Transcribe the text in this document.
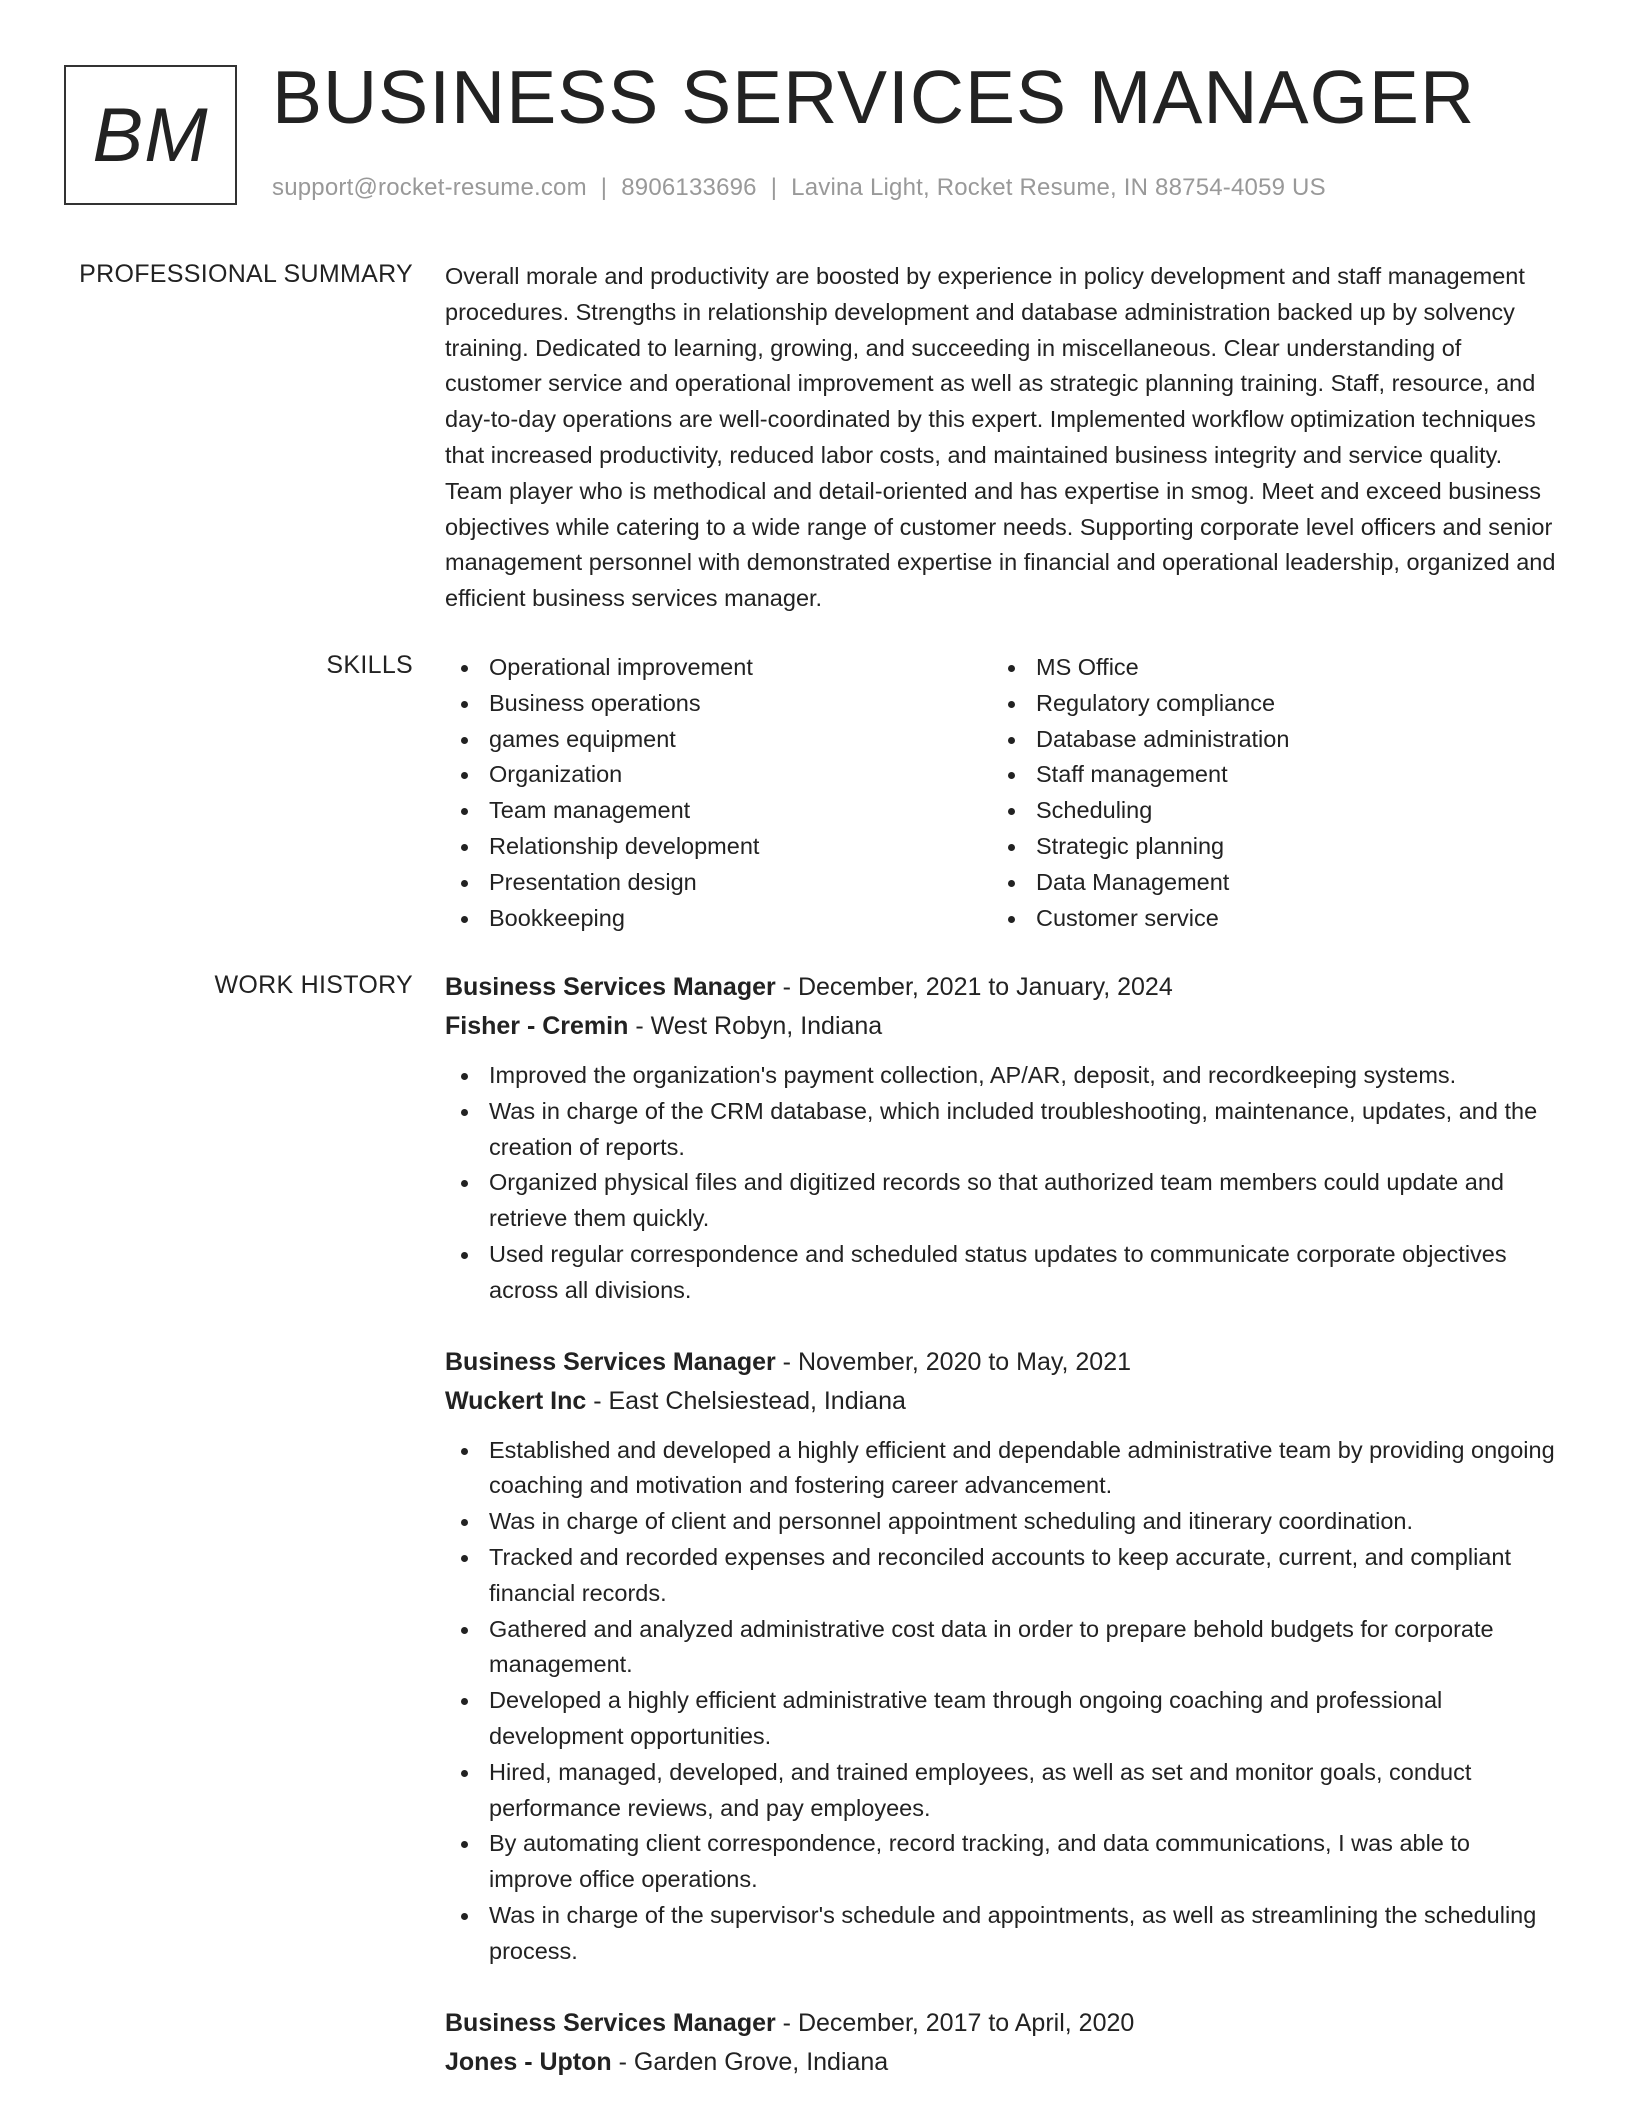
BM BUSINESS SERVICES MANAGER
support@rocket-resume.com | 8906133696 | Lavina Light, Rocket Resume, IN 88754-4059 US
PROFESSIONAL SUMMARY Overall morale and productivity are boosted by experience in policy development and staff management procedures. Strengths in relationship development and database administration backed up by solvency training. Dedicated to learning, growing, and succeeding in miscellaneous. Clear understanding of customer service and operational improvement as well as strategic planning training. Staff, resource, and day-to-day operations are well-coordinated by this expert. Implemented workflow optimization techniques that increased productivity, reduced labor costs, and maintained business integrity and service quality. Team player who is methodical and detail-oriented and has expertise in smog. Meet and exceed business objectives while catering to a wide range of customer needs. Supporting corporate level officers and senior management personnel with demonstrated expertise in financial and operational leadership, organized and efficient business services manager.

SKILLS	Operational improvement
Business operations
games equipment
Organization
Team management
Relationship development
Presentation design
Bookkeeping
MS Office
Regulatory compliance
Database administration
Staff management
Scheduling
Strategic planning
Data Management
Customer service
WORK HISTORY Business Services Manager - December, 2021 to January, 2024
Fisher - Cremin - West Robyn, Indiana
Improved the organization's payment collection, AP/AR, deposit, and recordkeeping systems.
Was in charge of the CRM database, which included troubleshooting, maintenance, updates, and the creation of reports.
Organized physical files and digitized records so that authorized team members could update and retrieve them quickly.
Used regular correspondence and scheduled status updates to communicate corporate objectives across all divisions.
Business Services Manager - November, 2020 to May, 2021
Wuckert Inc - East Chelsiestead, Indiana
Established and developed a highly efficient and dependable administrative team by providing ongoing coaching and motivation and fostering career advancement.
Was in charge of client and personnel appointment scheduling and itinerary coordination.
Tracked and recorded expenses and reconciled accounts to keep accurate, current, and compliant financial records.
Gathered and analyzed administrative cost data in order to prepare behold budgets for corporate management.
Developed a highly efficient administrative team through ongoing coaching and professional development opportunities.
Hired, managed, developed, and trained employees, as well as set and monitor goals, conduct performance reviews, and pay employees.
By automating client correspondence, record tracking, and data communications, I was able to improve office operations.
Was in charge of the supervisor's schedule and appointments, as well as streamlining the scheduling process.
Business Services Manager - December, 2017 to April, 2020
Jones - Upton - Garden Grove, Indiana
